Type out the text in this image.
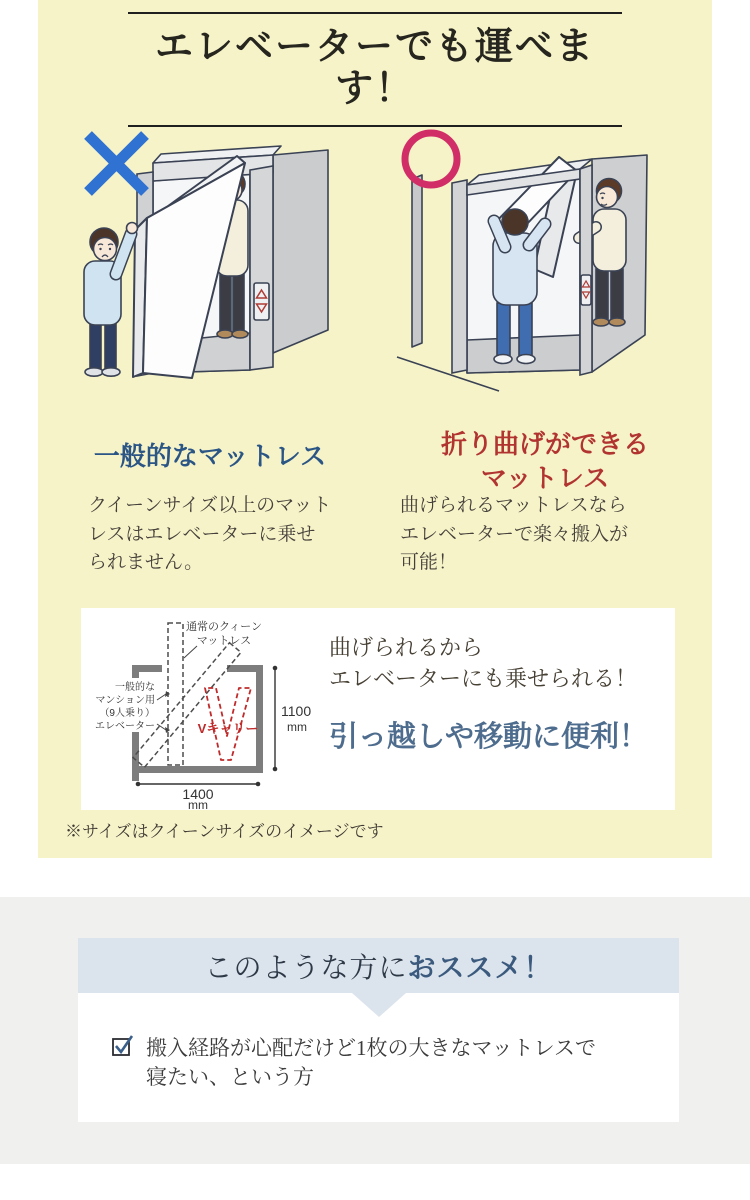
エレベーターでも運べます！
一般的なマットレス	折り曲げができる
マットレス
クイーンサイズ以上のマット
レスはエレベーターに乗せ
られません。
曲げられるマットレスなら
エレベーターで楽々搬入が
可能！
1100
mm
1400
mm
通常のクィーン
マットレス
一般的な
マンション用
（9人乗り）
エレベーター	Vキャリー
曲げられるから
エレベーターにも乗せられる！
引っ越しや移動に便利！

※サイズはクイーンサイズのイメージです

このような方に おススメ！
搬入経路が心配だけど1枚の大きなマットレスで
寝たい、という方
